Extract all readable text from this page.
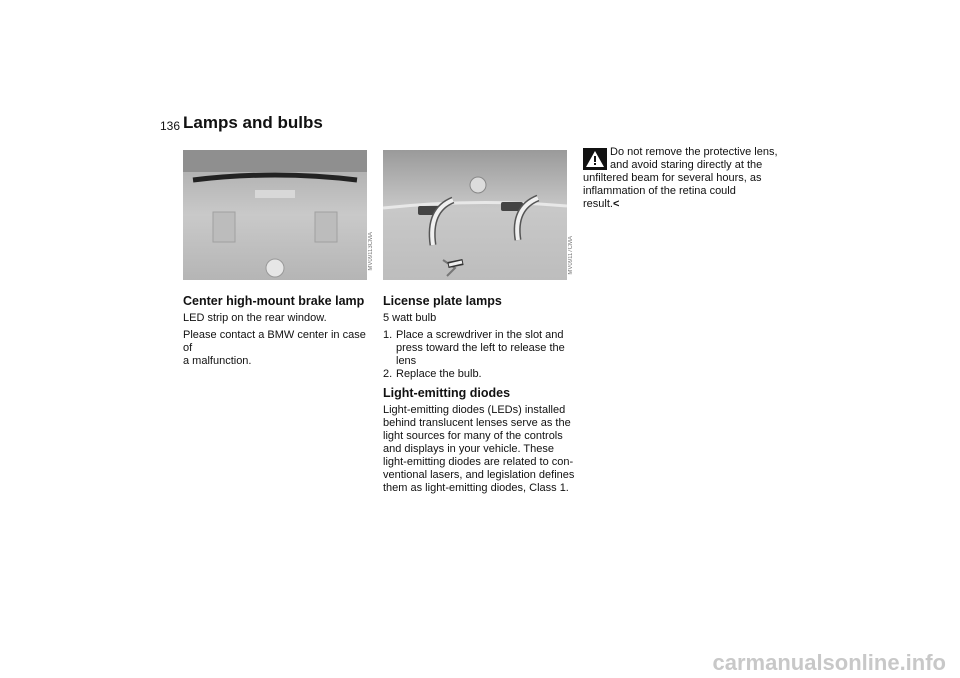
136 Lamps and bulbs
MV09113CMA	MV09117CMA
Center high-mount brake lamp

LED strip on the rear window.

Please contact a BMW center in case of

a malfunction.

License plate lamps
5 watt bulb
1. Place a screwdriver in the slot and
press toward the left to release the
lens
2. Replace the bulb.
Light-emitting diodes
Light-emitting diodes (LEDs) installed
behind translucent lenses serve as the
light sources for many of the controls
and displays in your vehicle. These
light-emitting diodes are related to con-
ventional lasers, and legislation defines
them as light-emitting diodes, Class 1.
Do not remove the protective lens,
and avoid staring directly at the
unfiltered beam for several hours, as
inflammation of the retina could
result.<
carmanualsonline.info
